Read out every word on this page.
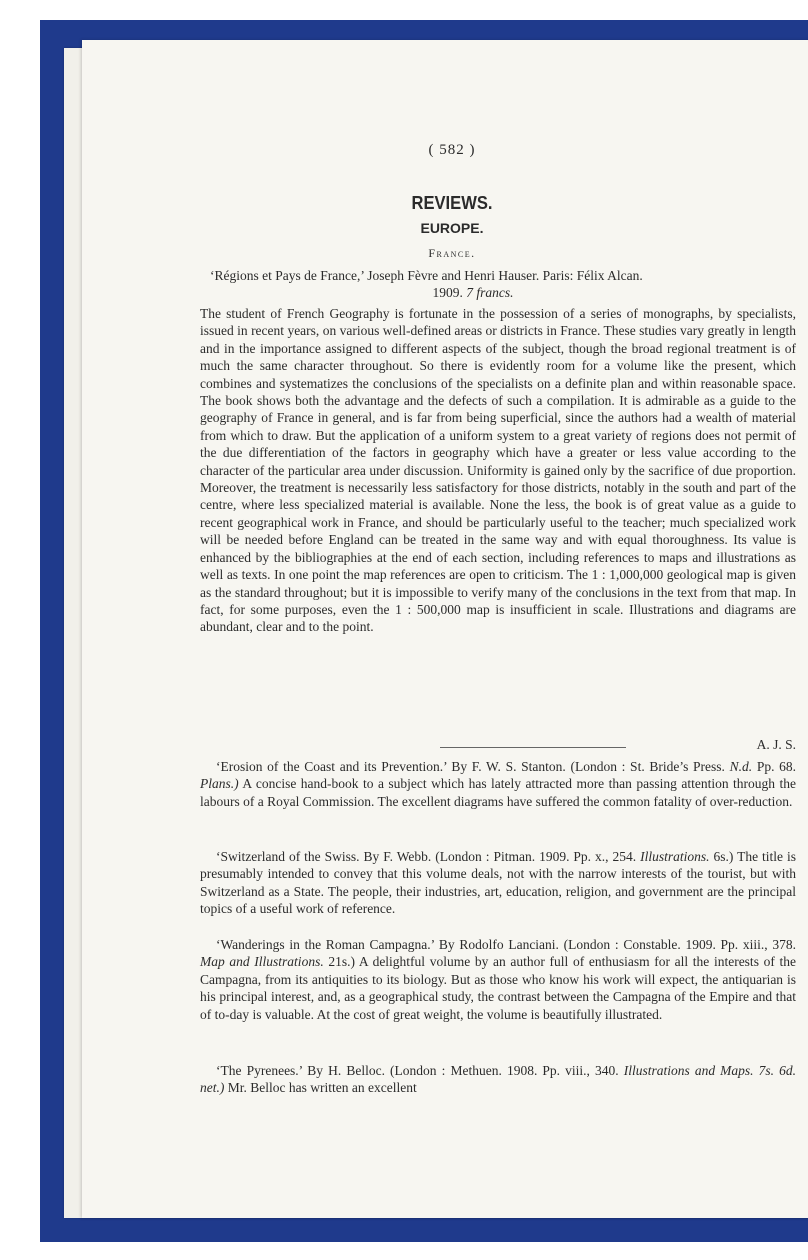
( 582 )
REVIEWS.
EUROPE.
France.
‘Régions et Pays de France,’ Joseph Fèvre and Henri Hauser. Paris: Félix Alcan.
1909. 7 francs.
The student of French Geography is fortunate in the possession of a series of monographs, by specialists, issued in recent years, on various well-defined areas or districts in France. These studies vary greatly in length and in the importance assigned to different aspects of the subject, though the broad regional treatment is of much the same character throughout. So there is evidently room for a volume like the present, which combines and systematizes the conclusions of the specialists on a definite plan and within reasonable space. The book shows both the advantage and the defects of such a compilation. It is admirable as a guide to the geography of France in general, and is far from being superficial, since the authors had a wealth of material from which to draw. But the application of a uniform system to a great variety of regions does not permit of the due differentiation of the factors in geography which have a greater or less value according to the character of the particular area under discussion. Uniformity is gained only by the sacrifice of due proportion. Moreover, the treatment is necessarily less satisfactory for those districts, notably in the south and part of the centre, where less specialized material is available. None the less, the book is of great value as a guide to recent geographical work in France, and should be particularly useful to the teacher; much specialized work will be needed before England can be treated in the same way and with equal thoroughness. Its value is enhanced by the bibliographies at the end of each section, including references to maps and illustrations as well as texts. In one point the map references are open to criticism. The 1 : 1,000,000 geological map is given as the standard throughout; but it is impossible to verify many of the conclusions in the text from that map. In fact, for some purposes, even the 1 : 500,000 map is insufficient in scale. Illustrations and diagrams are abundant, clear and to the point.
A. J. S.
‘Erosion of the Coast and its Prevention.’ By F. W. S. Stanton. (London : St. Bride’s Press. N.d. Pp. 68. Plans.) A concise hand-book to a subject which has lately attracted more than passing attention through the labours of a Royal Commission. The excellent diagrams have suffered the common fatality of over-reduction.
‘Switzerland of the Swiss. By F. Webb. (London : Pitman. 1909. Pp. x., 254. Illustrations. 6s.) The title is presumably intended to convey that this volume deals, not with the narrow interests of the tourist, but with Switzerland as a State. The people, their industries, art, education, religion, and government are the principal topics of a useful work of reference.
‘Wanderings in the Roman Campagna.’ By Rodolfo Lanciani. (London : Constable. 1909. Pp. xiii., 378. Map and Illustrations. 21s.) A delightful volume by an author full of enthusiasm for all the interests of the Campagna, from its antiquities to its biology. But as those who know his work will expect, the antiquarian is his principal interest, and, as a geographical study, the contrast between the Campagna of the Empire and that of to-day is valuable. At the cost of great weight, the volume is beautifully illustrated.
‘The Pyrenees.’ By H. Belloc. (London : Methuen. 1908. Pp. viii., 340. Illustrations and Maps. 7s. 6d. net.) Mr. Belloc has written an excellent
